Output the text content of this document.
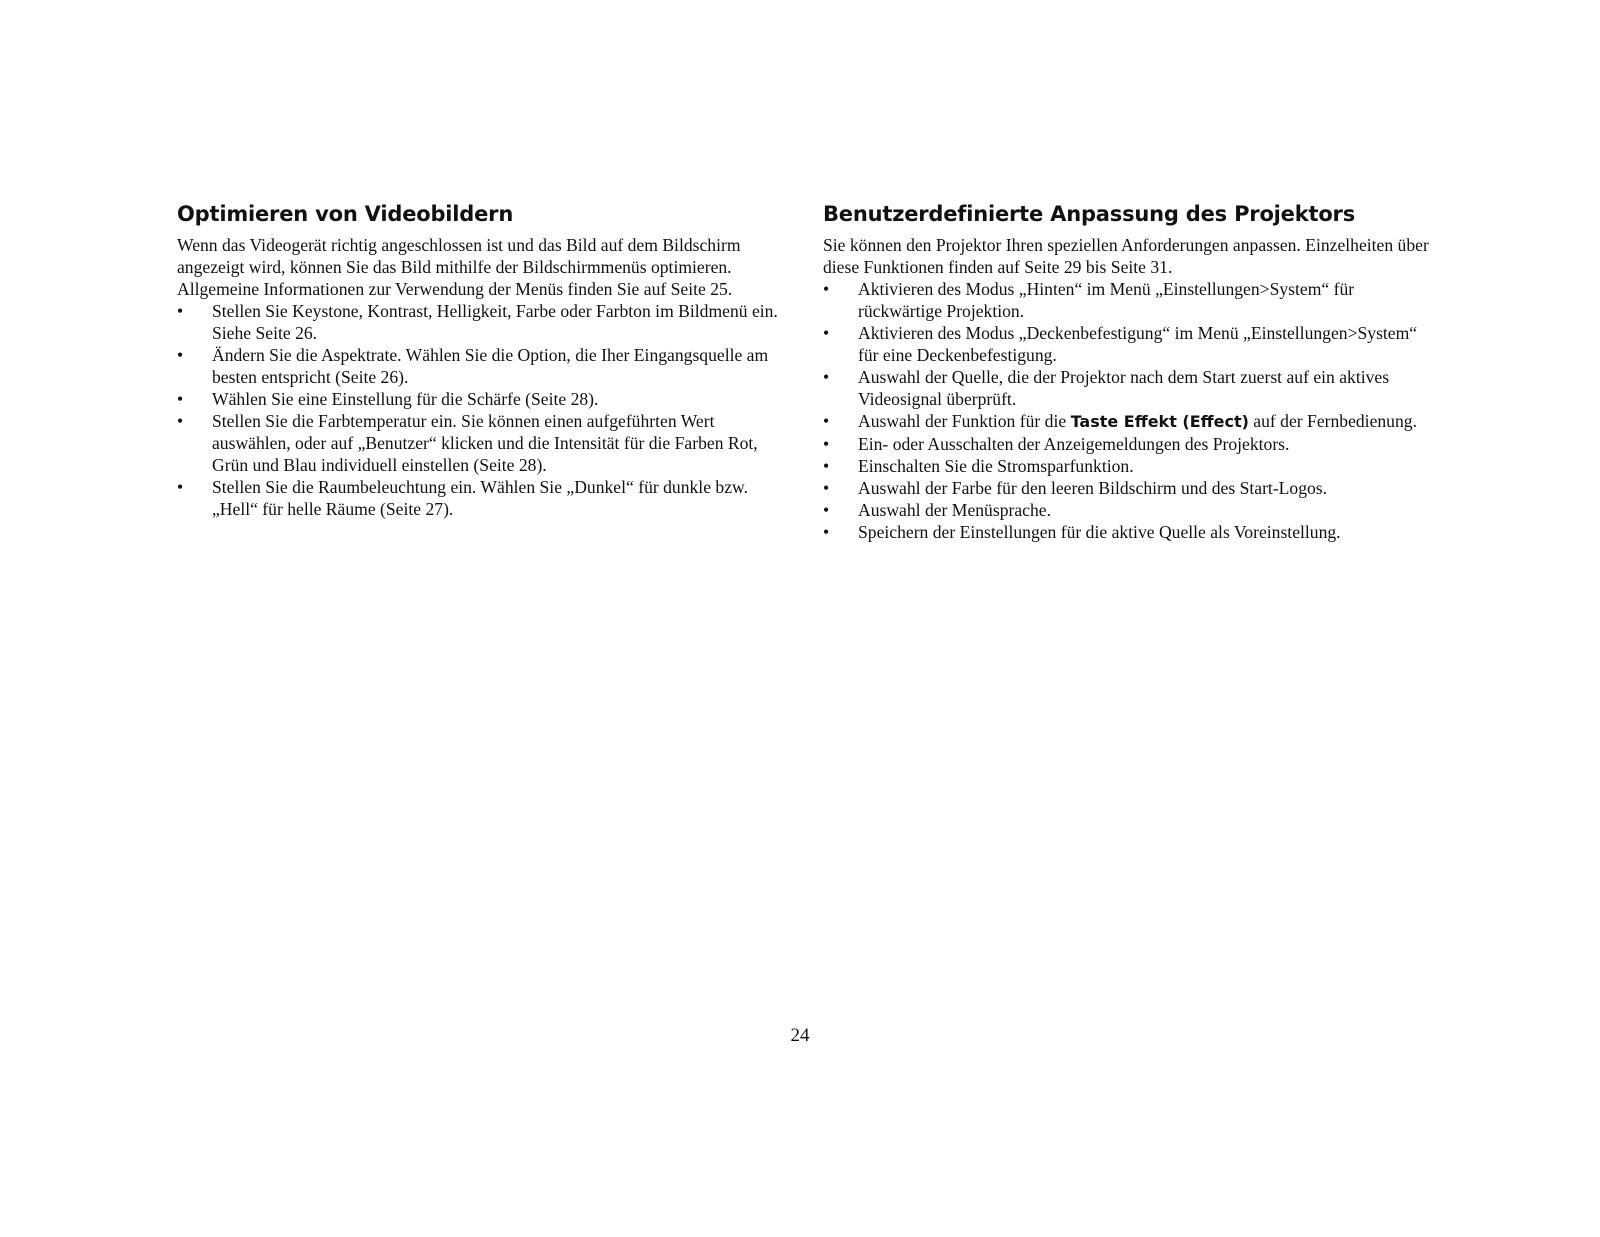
Optimieren von Videobildern

Wenn das Videogerät richtig angeschlossen ist und das Bild auf dem Bildschirm angezeigt wird, können Sie das Bild mithilfe der Bildschirmmenüs optimieren. Allgemeine Informationen zur Verwendung der Menüs finden Sie auf Seite 25.

•	Stellen Sie Keystone, Kontrast, Helligkeit, Farbe oder Farbton im Bildmenü ein. Siehe Seite 26.
•	Ändern Sie die Aspektrate. Wählen Sie die Option, die Iher Eingangsquelle am besten entspricht (Seite 26).
•	Wählen Sie eine Einstellung für die Schärfe (Seite 28).
•	Stellen Sie die Farbtemperatur ein. Sie können einen aufgeführten Wert auswählen, oder auf „Benutzer“ klicken und die Intensität für die Farben Rot, Grün und Blau individuell einstellen (Seite 28).
•	Stellen Sie die Raumbeleuchtung ein. Wählen Sie „Dunkel“ für dunkle bzw. „Hell“ für helle Räume (Seite 27).
Benutzerdefinierte Anpassung des Projektors

Sie können den Projektor Ihren speziellen Anforderungen anpassen. Einzelheiten über diese Funktionen finden auf Seite 29 bis Seite 31.

•	Aktivieren des Modus „Hinten“ im Menü „Einstellungen>System“ für rückwärtige Projektion.
•	Aktivieren des Modus „Deckenbefestigung“ im Menü „Einstellungen>System“ für eine Deckenbefestigung.
•	Auswahl der Quelle, die der Projektor nach dem Start zuerst auf ein aktives Videosignal überprüft.
•	Auswahl der Funktion für die Taste Effekt (Effect) auf der Fernbedienung.
•	Ein- oder Ausschalten der Anzeigemeldungen des Projektors.
•	Einschalten Sie die Stromsparfunktion.
•	Auswahl der Farbe für den leeren Bildschirm und des Start-Logos.
•	Auswahl der Menüsprache.
•	Speichern der Einstellungen für die aktive Quelle als Voreinstellung.
24
